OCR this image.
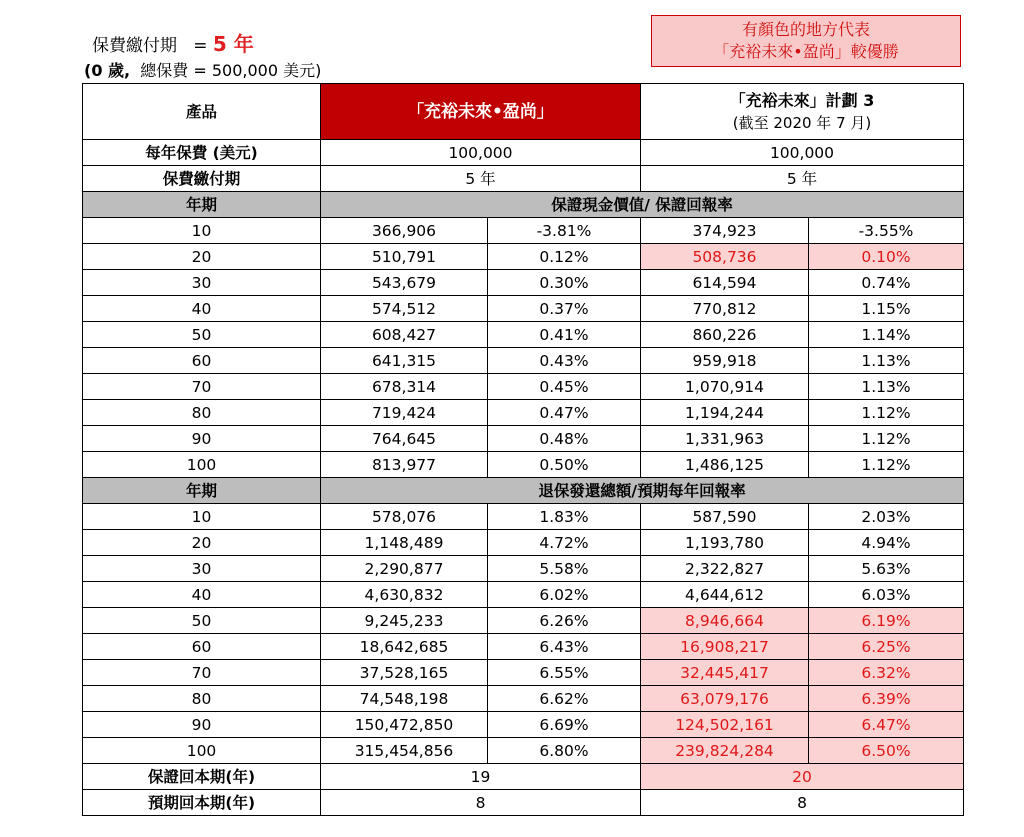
保費繳付期 = 5 年
(0 歲, 總保費 = 500,000 美元)
有顏色的地方代表
「充裕未來•盈尚」較優勝
產品	「充裕未來•盈尚」		「充裕未來」計劃 3
(截至 2020 年 7 月)	

每年保費 (美元)	100,000		100,000	
保費繳付期	5 年		5 年	
年期	保證現金價值/ 保證回報率			
10	366,906	-3.81%	374,923	-3.55%
20	510,791	0.12%	508,736	0.10%
30	543,679	0.30%	614,594	0.74%
40	574,512	0.37%	770,812	1.15%
50	608,427	0.41%	860,226	1.14%
60	641,315	0.43%	959,918	1.13%
70	678,314	0.45%	1,070,914	1.13%
80	719,424	0.47%	1,194,244	1.12%
90	764,645	0.48%	1,331,963	1.12%
100	813,977	0.50%	1,486,125	1.12%
年期	退保發還總額/預期每年回報率			
10	578,076	1.83%	587,590	2.03%
20	1,148,489	4.72%	1,193,780	4.94%
30	2,290,877	5.58%	2,322,827	5.63%
40	4,630,832	6.02%	4,644,612	6.03%
50	9,245,233	6.26%	8,946,664	6.19%
60	18,642,685	6.43%	16,908,217	6.25%
70	37,528,165	6.55%	32,445,417	6.32%
80	74,548,198	6.62%	63,079,176	6.39%
90	150,472,850	6.69%	124,502,161	6.47%
100	315,454,856	6.80%	239,824,284	6.50%
保證回本期(年)	19		20	
預期回本期(年)	8		8	
